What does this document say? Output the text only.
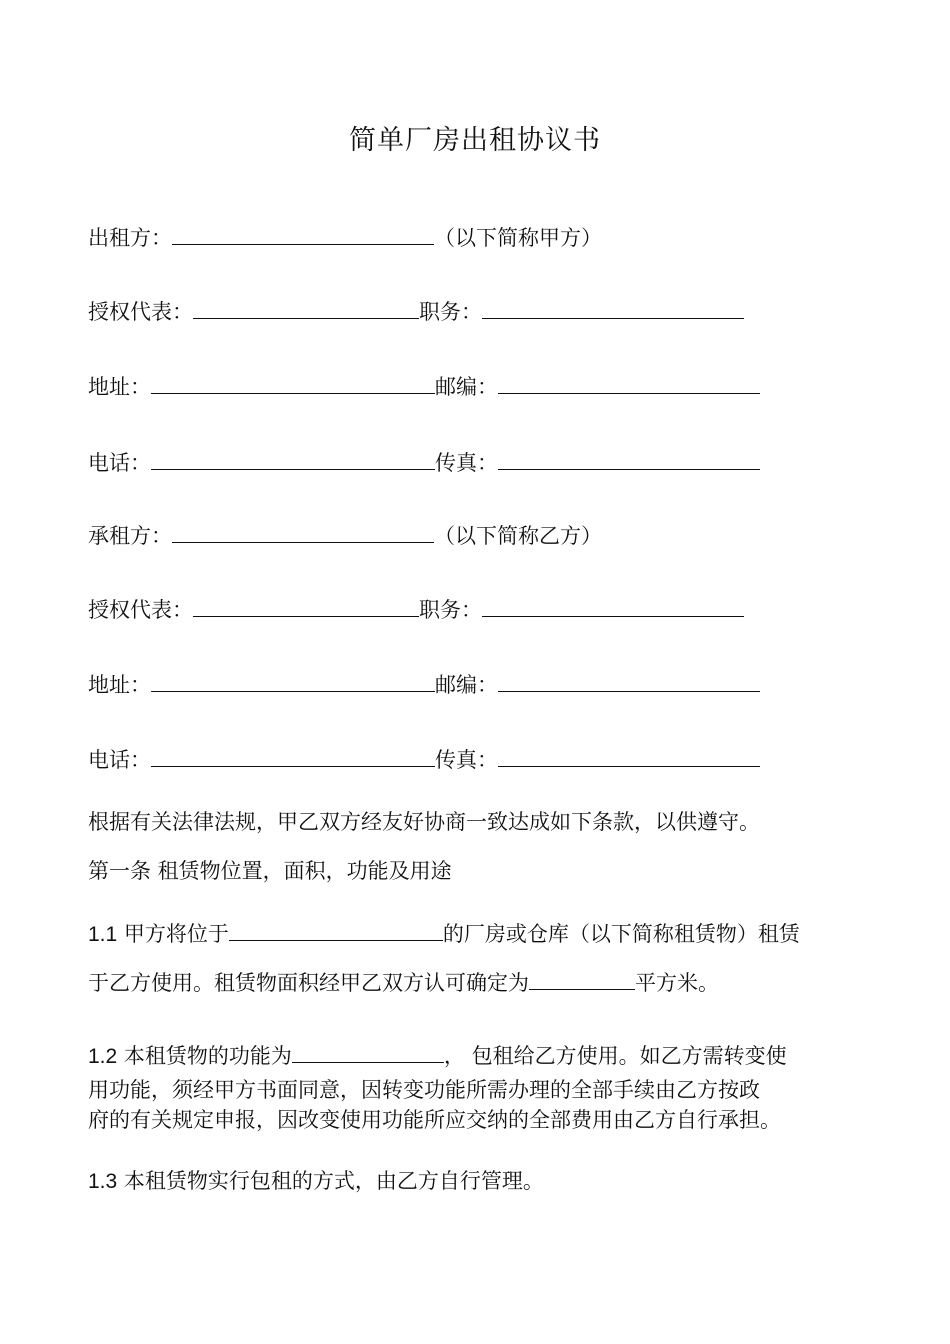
简单厂房出租协议书
出租方：	（以下简称甲方）
授权代表：	职务：
地址：	邮编：
电话：	传真：
承租方：	（以下简称乙方）
授权代表：	职务：
地址：	邮编：
电话：	传真：
根据有关法律法规，甲乙双方经友好协商一致达成如下条款，以供遵守。
第一条 租赁物位置，面积，功能及用途
1.1 甲方将位于	的厂房或仓库（以下简称租赁物）租赁
于乙方使用。租赁物面积经甲乙双方认可确定为	平方米。
1.2 本租赁物的功能为	， 包租给乙方使用。如乙方需转变使
用功能，须经甲方书面同意，因转变功能所需办理的全部手续由乙方按政
府的有关规定申报，因改变使用功能所应交纳的全部费用由乙方自行承担。
1.3 本租赁物实行包租的方式，由乙方自行管理。
